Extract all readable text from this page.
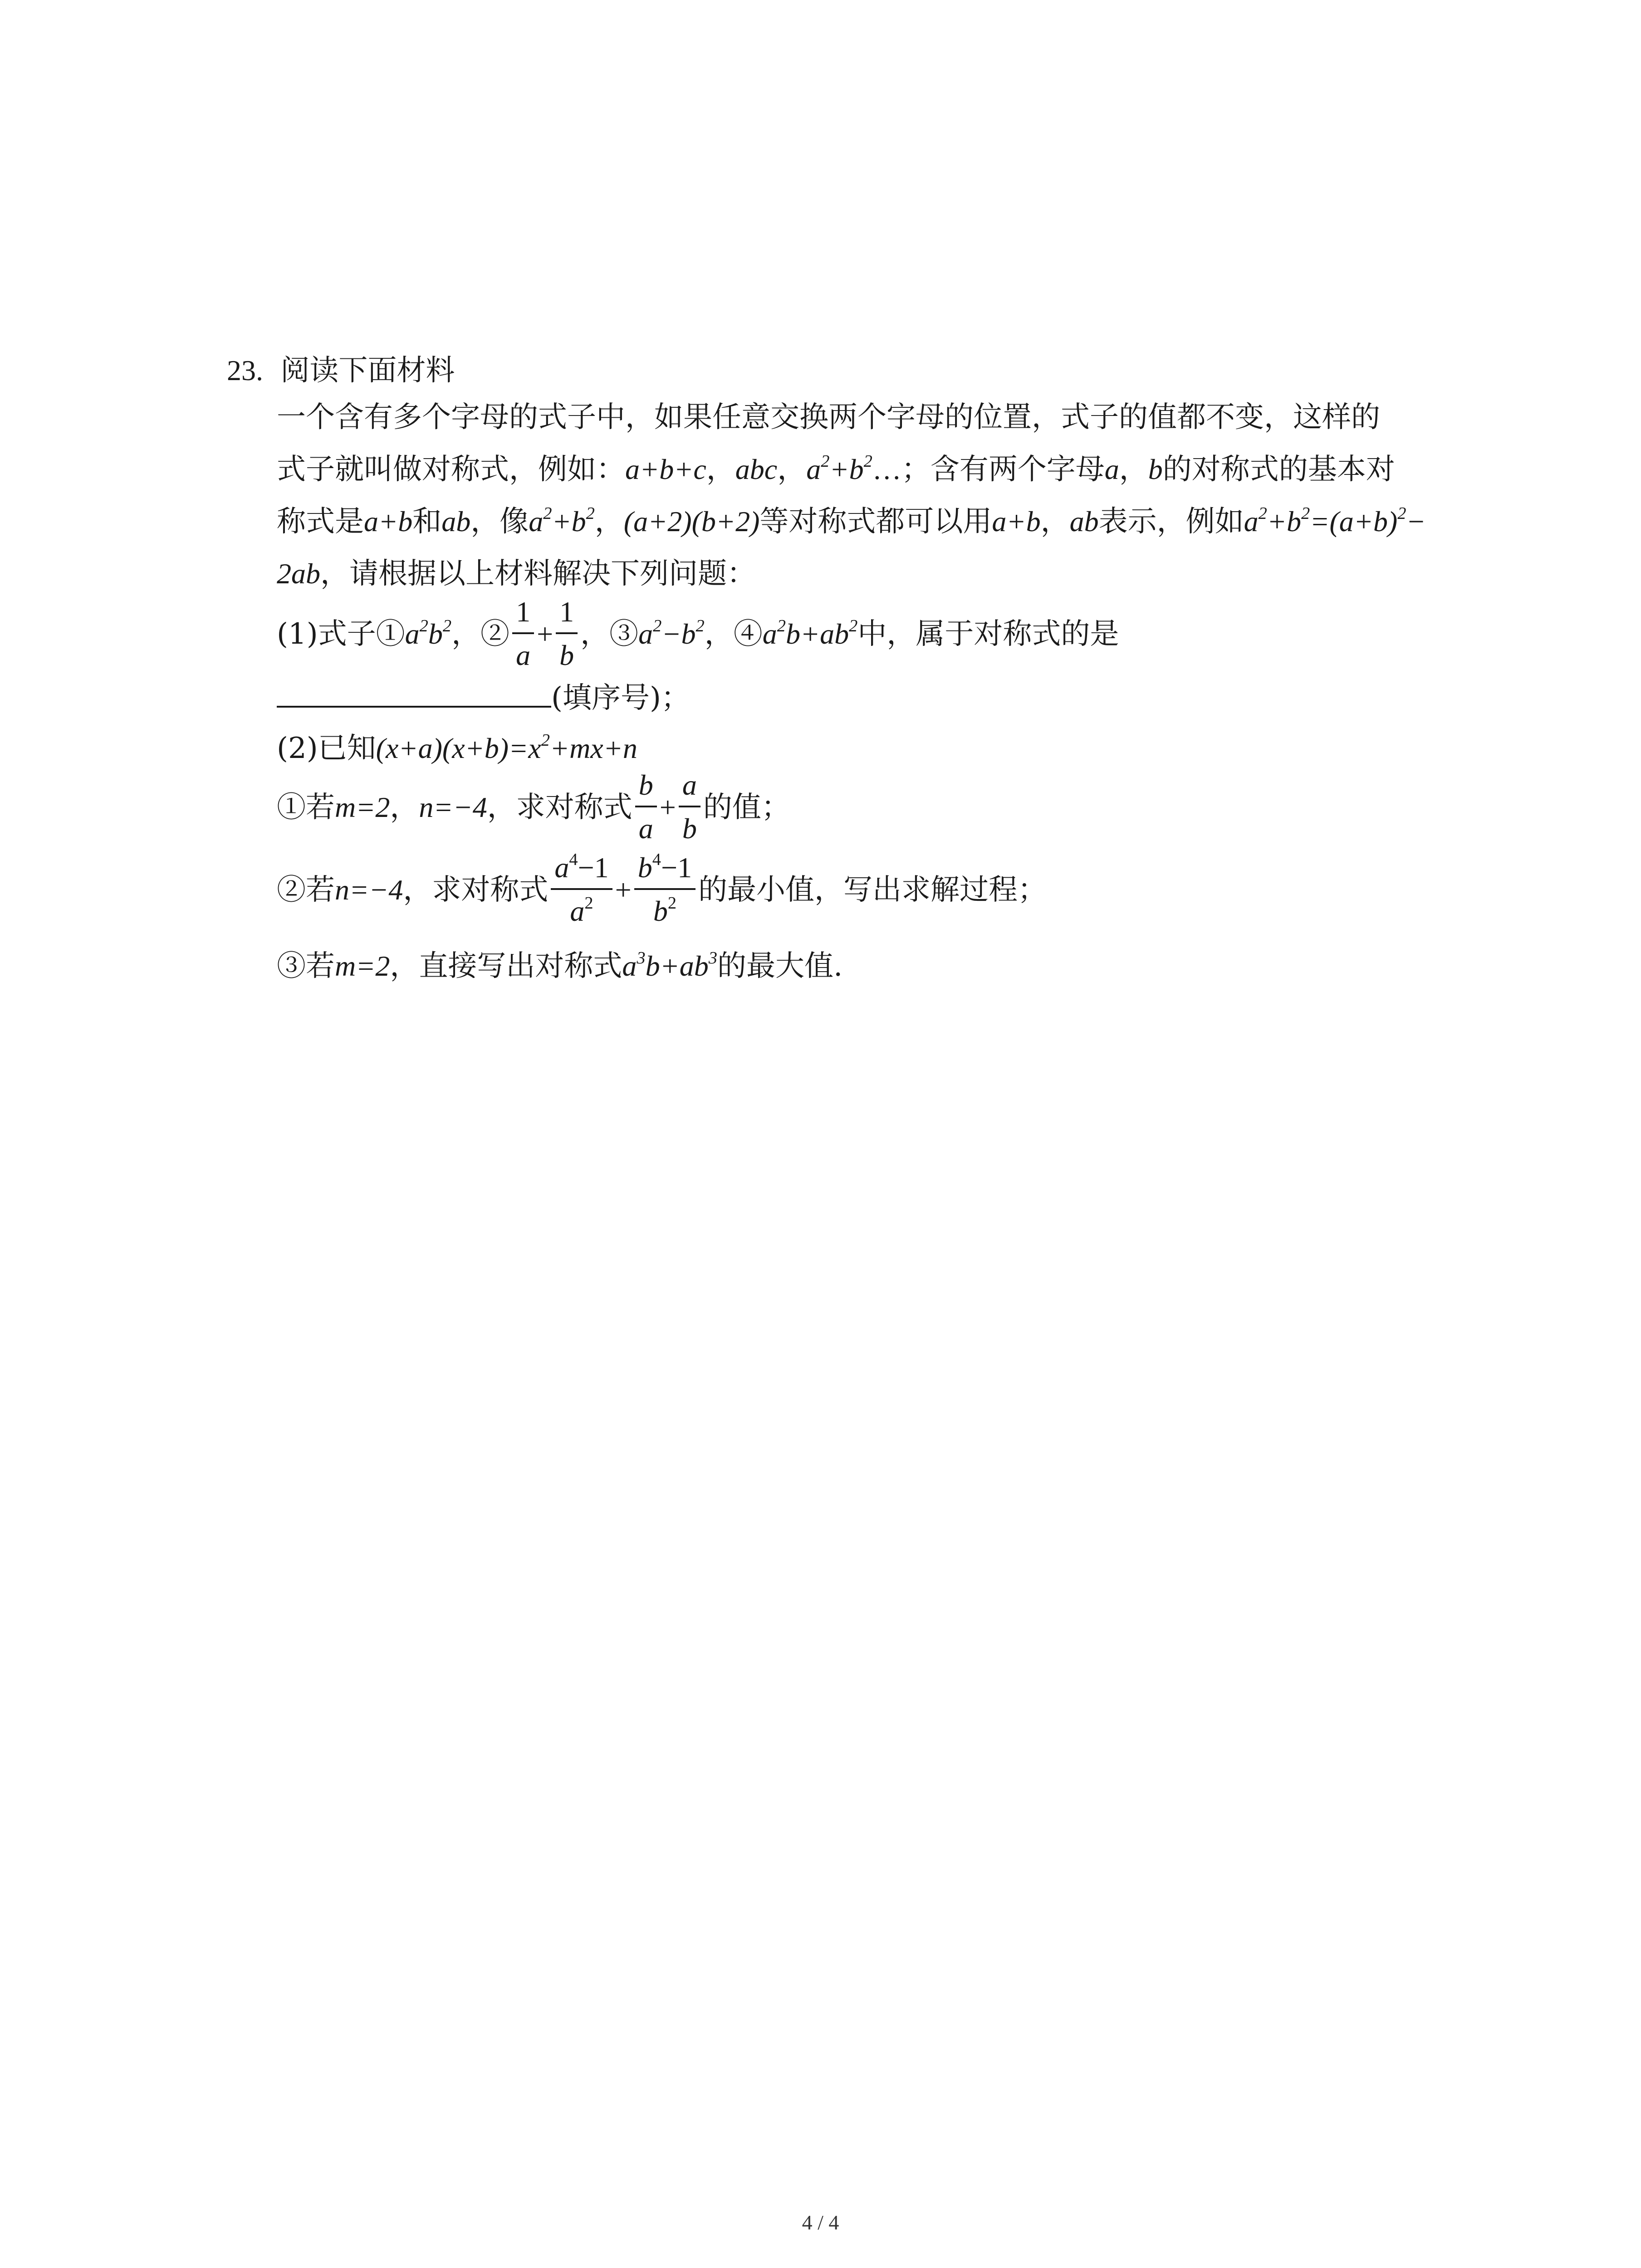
23. 阅读下面材料
一个含有多个字母的式子中，如果任意交换两个字母的位置，式子的值都不变，这样的
式子就叫做对称式，例如：a+b+c，abc，$a^2+b^2\dots$；含有两个字母a，b的对称式的基本对
称式是a+b和ab，像$a^2+b^2$，(a+2)(b+2)等对称式都可以用a+b，ab表示，例如$a^2+b^2=(a+b)^2-$
2ab，请根据以上材料解决下列问题：
(1)式子$①a^2b^2$，② $\frac{1}{a} + \frac{1}{b}$ ，$③a^2-b^2$，$④a^2b+ab^2$中，属于对称式的是
(填序号)；
(2)已知$(x+a)(x+b)=x^2+mx+n$
①若m=2，n=−4，求对称式 $\frac{b}{a} + \frac{a}{b}$ 的值；
②若n=−4，求对称式 $\frac{a^4-1}{a^2} + \frac{b^4-1}{b^2}$ 的最小值，写出求解过程；
③若m=2，直接写出对称式$a^3b+ab^3$的最大值.
4 / 4
